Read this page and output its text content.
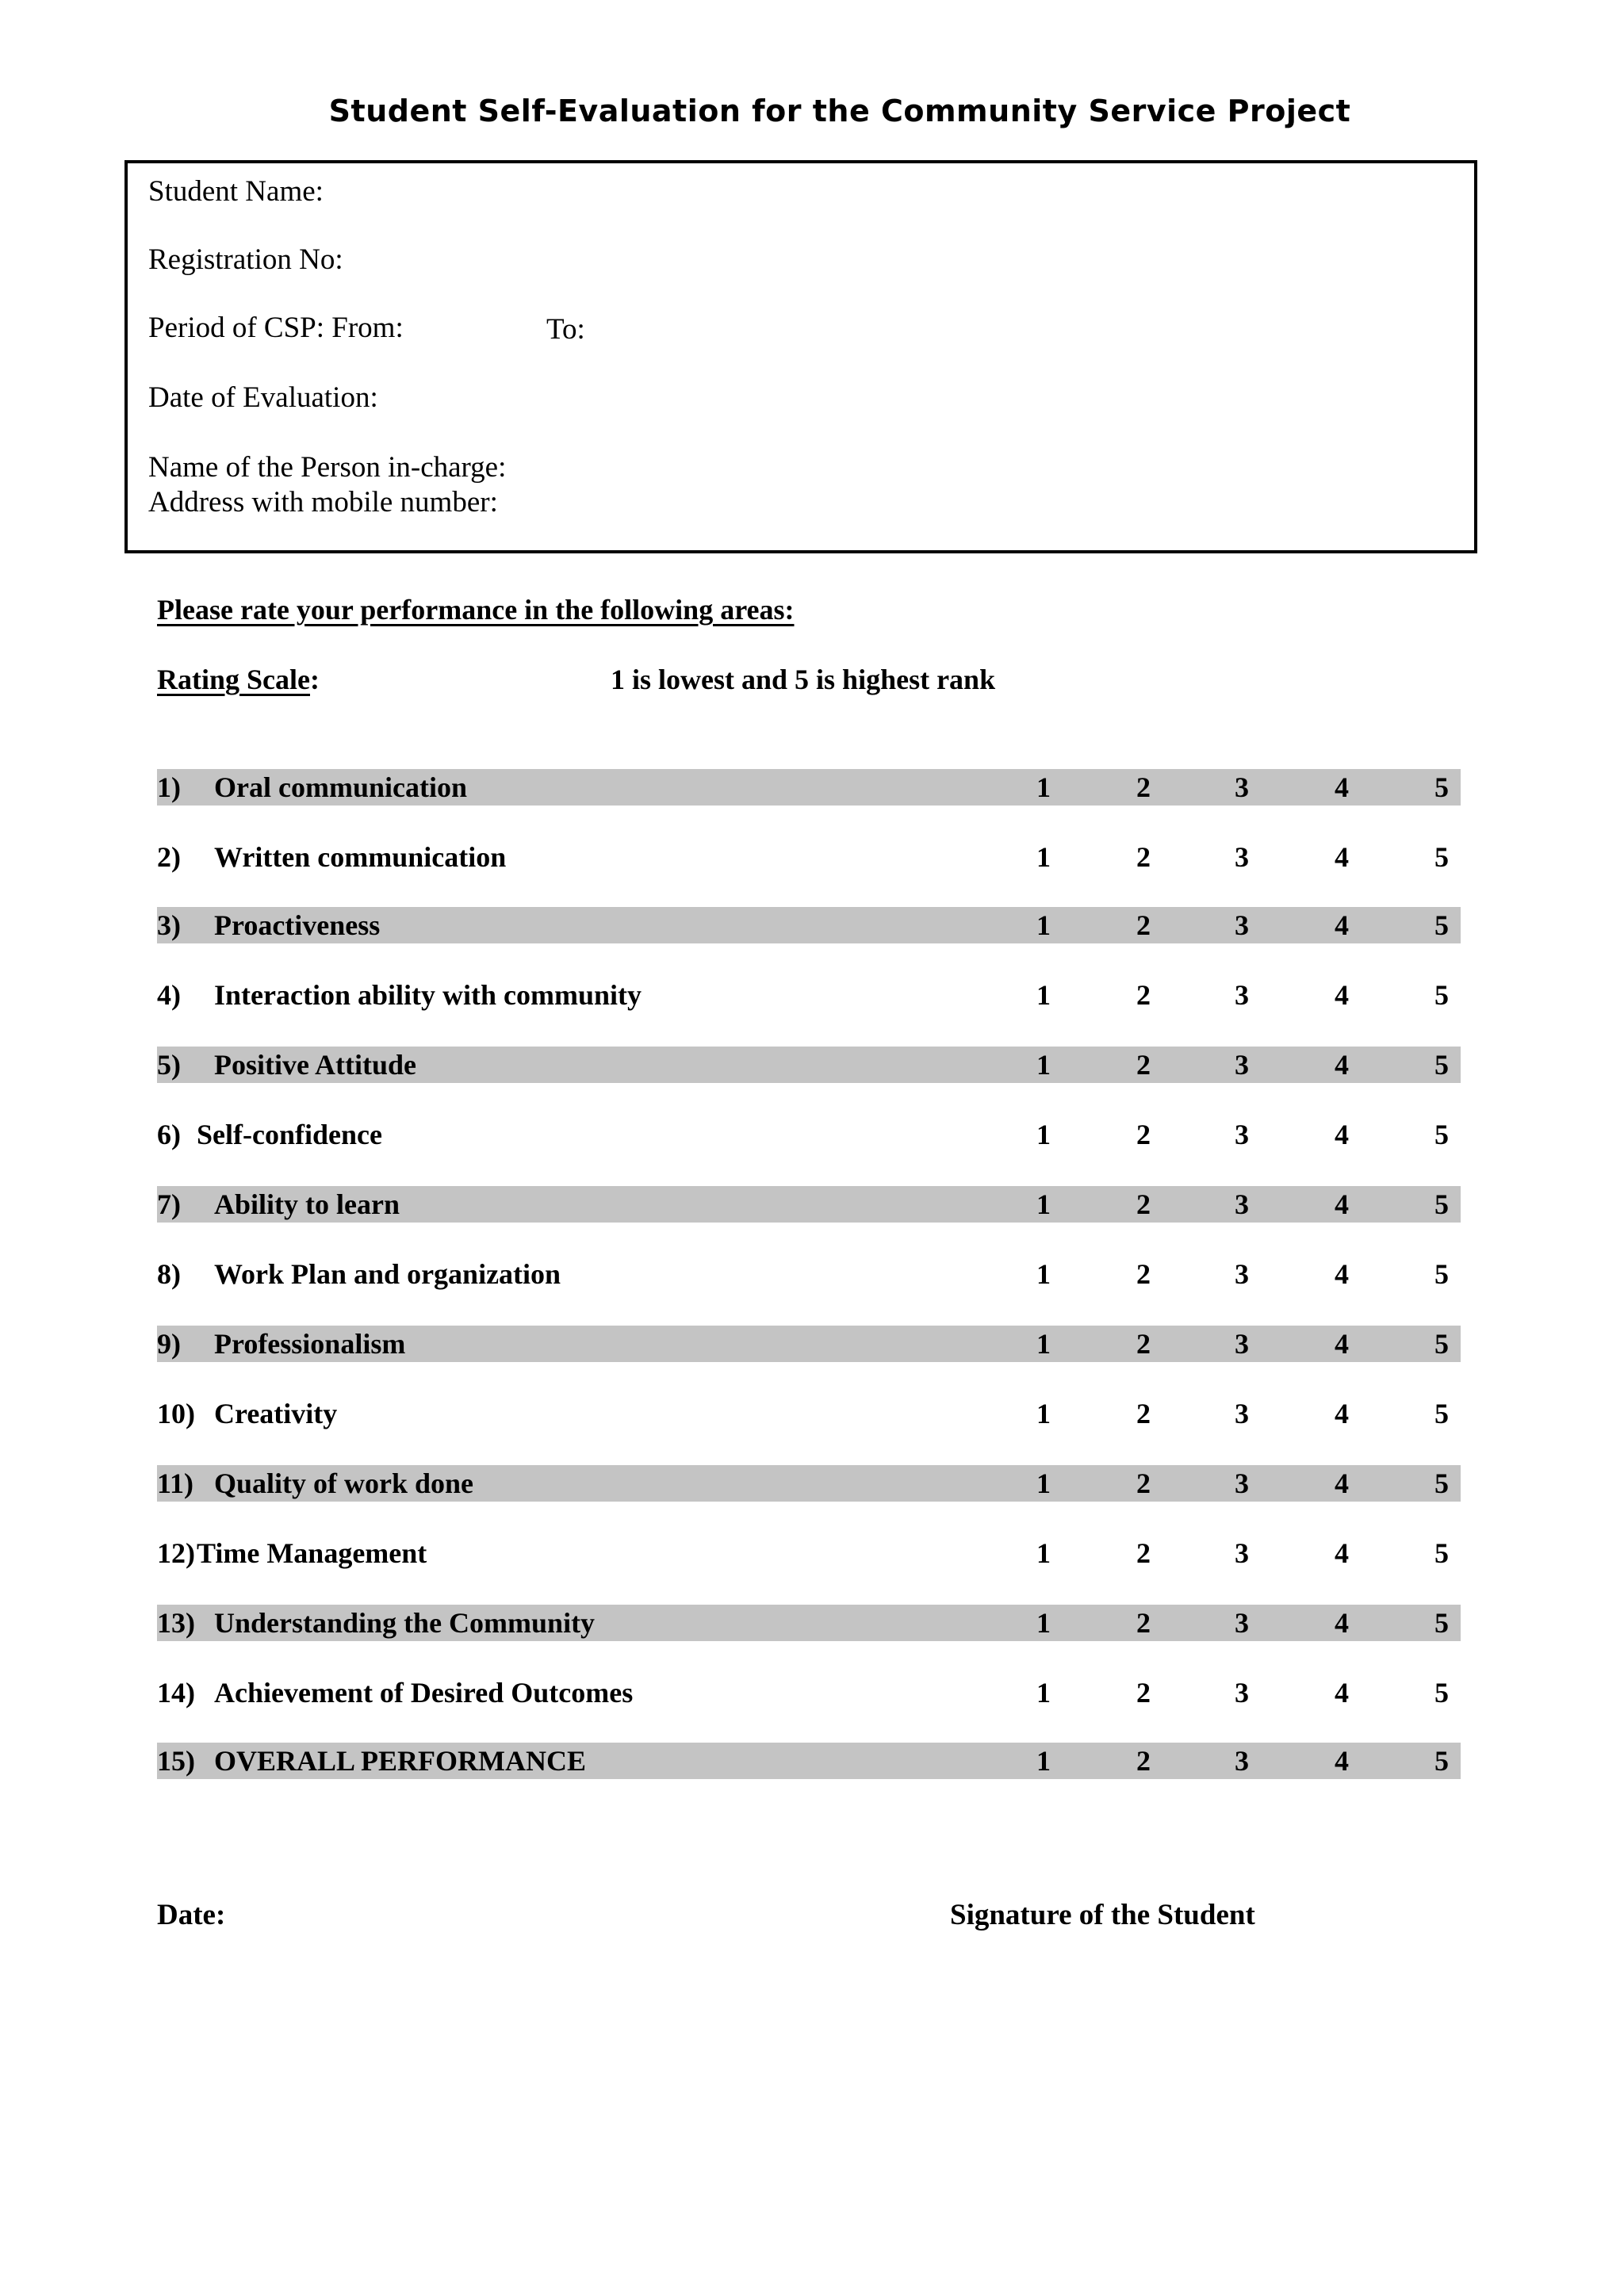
Student Self-Evaluation for the Community Service Project
Student Name:
Registration No:
Period of CSP: From:	To:
Date of Evaluation:
Name of the Person in-charge:
Address with mobile number:
Please rate your performance in the following areas:
Rating Scale:	1 is lowest and 5 is highest rank
1) Oral communication	1	2	3	4	5
2) Written communication	1	2	3	4	5
3) Proactiveness	1	2	3	4	5
4) Interaction ability with community	1	2	3	4	5
5) Positive Attitude	1	2	3	4	5
6) Self-confidence	1	2	3	4	5
7) Ability to learn	1	2	3	4	5
8) Work Plan and organization	1	2	3	4	5
9) Professionalism	1	2	3	4	5
10) Creativity	1	2	3	4	5
11) Quality of work done	1	2	3	4	5
12) Time Management	1	2	3	4	5
13) Understanding the Community	1	2	3	4	5
14) Achievement of Desired Outcomes	1	2	3	4	5
15) OVERALL PERFORMANCE	1	2	3	4	5
Date:	Signature of the Student
